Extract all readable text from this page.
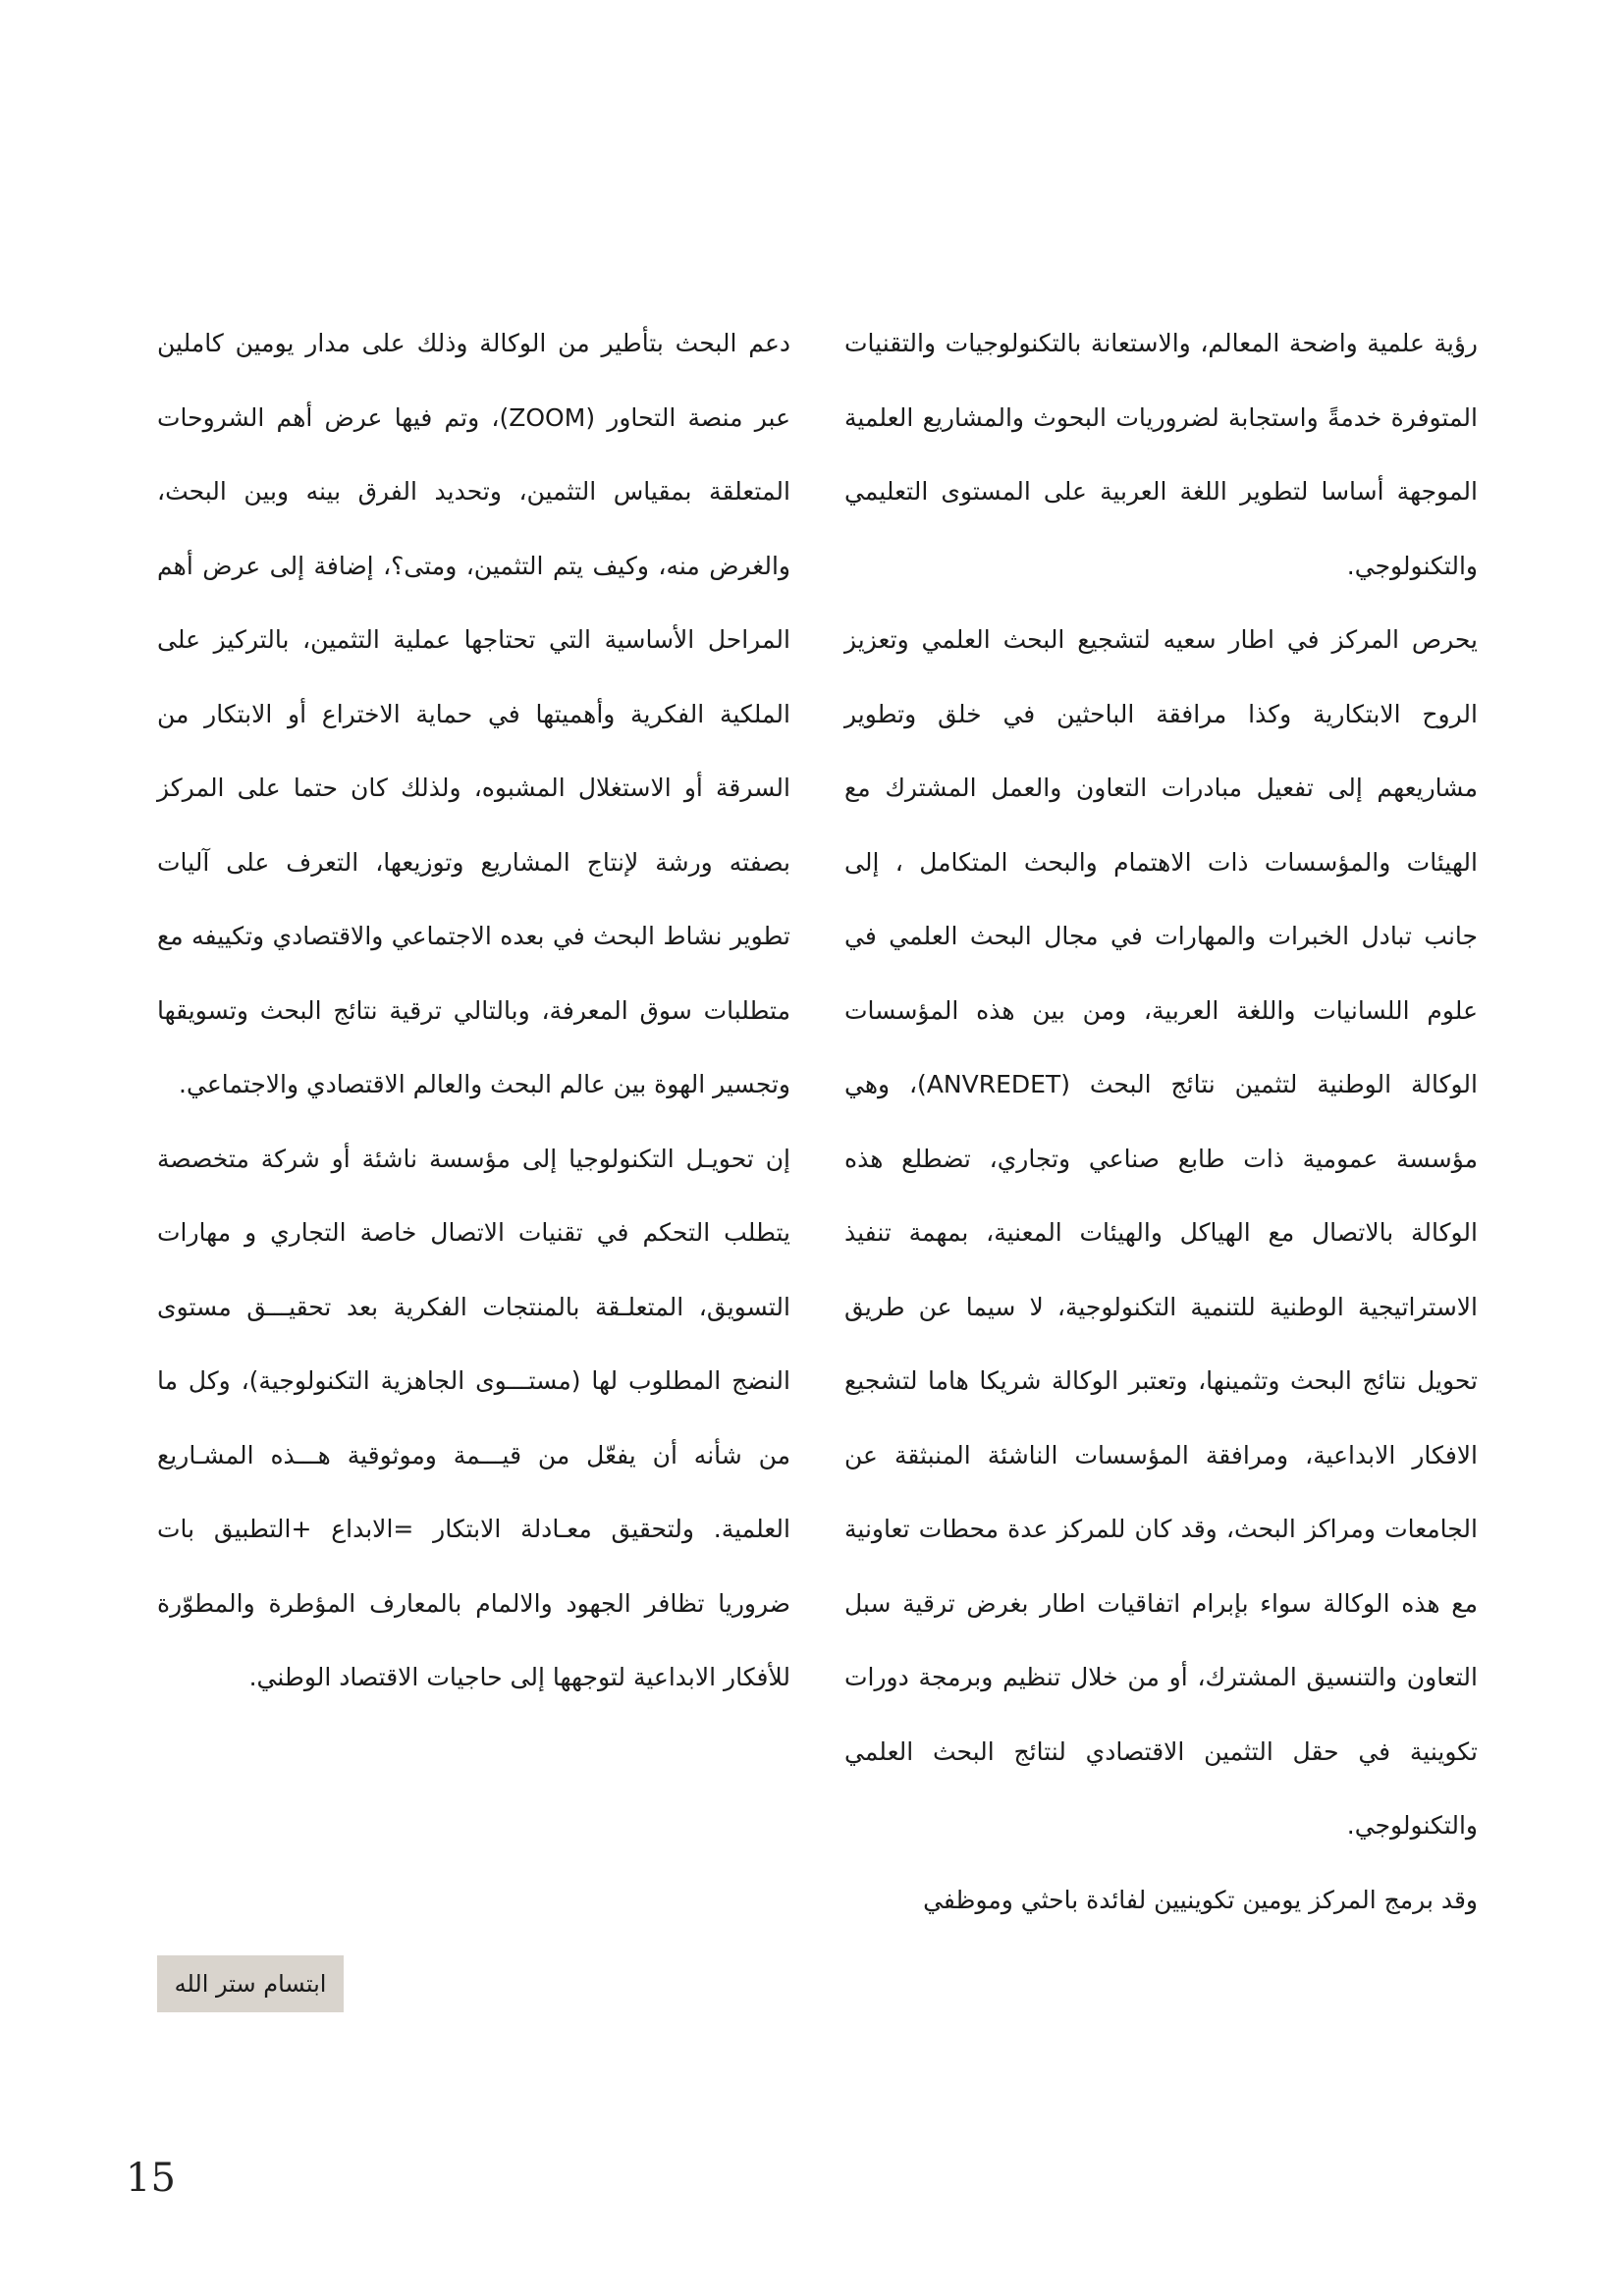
رؤية علمية واضحة المعالم، والاستعانة بالتكنولوجيات والتقنيات المتوفرة خدمةً واستجابة لضروريات البحوث والمشاريع العلمية الموجهة أساسا لتطوير اللغة العربية على المستوى التعليمي والتكنولوجي.

يحرص المركز في اطار سعيه لتشجيع البحث العلمي وتعزيز الروح الابتكارية وكذا مرافقة الباحثين في خلق وتطوير مشاريعهم إلى تفعيل مبادرات التعاون والعمل المشترك مع الهيئات والمؤسسات ذات الاهتمام والبحث المتكامل ، إلى جانب تبادل الخبرات والمهارات في مجال البحث العلمي في علوم اللسانيات واللغة العربية، ومن بين هذه المؤسسات الوكالة الوطنية لتثمين نتائج البحث (ANVREDET)، وهي مؤسسة عمومية ذات طابع صناعي وتجاري، تضطلع هذه الوكالة بالاتصال مع الهياكل والهيئات المعنية، بمهمة تنفيذ الاستراتيجية الوطنية للتنمية التكنولوجية، لا سيما عن طريق تحويل نتائج البحث وتثمينها، وتعتبر الوكالة شريكا هاما لتشجيع الافكار الابداعية، ومرافقة المؤسسات الناشئة المنبثقة عن الجامعات ومراكز البحث، وقد كان للمركز عدة محطات تعاونية مع هذه الوكالة سواء بإبرام اتفاقيات اطار بغرض ترقية سبل التعاون والتنسيق المشترك، أو من خلال تنظيم وبرمجة دورات تكوينية في حقل التثمين الاقتصادي لنتائج البحث العلمي والتكنولوجي.

وقد برمج المركز يومين تكوينيين لفائدة باحثي وموظفي

دعم البحث بتأطير من الوكالة وذلك على مدار يومين كاملين عبر منصة التحاور (ZOOM)، وتم فيها عرض أهم الشروحات المتعلقة بمقياس التثمين، وتحديد الفرق بينه وبين البحث، والغرض منه، وكيف يتم التثمين، ومتى؟، إضافة إلى عرض أهم المراحل الأساسية التي تحتاجها عملية التثمين، بالتركيز على الملكية الفكرية وأهميتها في حماية الاختراع أو الابتكار من السرقة أو الاستغلال المشبوه، ولذلك كان حتما على المركز بصفته ورشة لإنتاج المشاريع وتوزيعها، التعرف على آليات تطوير نشاط البحث في بعده الاجتماعي والاقتصادي وتكييفه مع متطلبات سوق المعرفة، وبالتالي ترقية نتائج البحث وتسويقها وتجسير الهوة بين عالم البحث والعالم الاقتصادي والاجتماعي.

إن تحويـل التكنولوجيا إلى مؤسسة ناشئة أو شركة متخصصة يتطلب التحكم في تقنيات الاتصال خاصة التجاري و مهارات التسويق، المتعلـقة بالمنتجات الفكرية بعد تحقيـــق مستوى النضج المطلوب لها (مستـــوى الجاهزية التكنولوجية)، وكل ما من شأنه أن يفعّل من قيـــمة وموثوقية هـــذه المشـاريع العلمية. ولتحقيق معـادلة الابتكار =الابداع +التطبيق بات ضروريا تظافر الجهود والالمام بالمعارف المؤطرة والمطوّرة للأفكار الابداعية لتوجهها إلى حاجيات الاقتصاد الوطني.

ابتسام ستر الله
15
